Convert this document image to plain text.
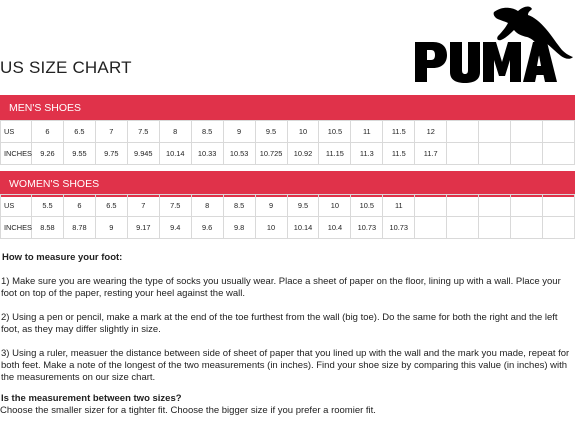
US SIZE CHART
MEN'S SHOES
US	6	6.5	7	7.5	8	8.5	9	9.5	10	10.5	11	11.5	12				
INCHES	9.26	9.55	9.75	9.945	10.14	10.33	10.53	10.725	10.92	11.15	11.3	11.5	11.7				
WOMEN'S SHOES
US	5.5	6	6.5	7	7.5	8	8.5	9	9.5	10	10.5	11					
INCHES	8.58	8.78	9	9.17	9.4	9.6	9.8	10	10.14	10.4	10.73	10.73					
How to measure your foot:

1) Make sure you are wearing the type of socks you usually wear. Place a sheet of paper on the floor, lining up with a wall. Place your foot on top of the paper, resting your heel against the wall.

2) Using a pen or pencil, make a mark at the end of the toe furthest from the wall (big toe). Do the same for both the right and the left foot, as they may differ slightly in size.

3) Using a ruler, measuer the distance between side of sheet of paper that you lined up with the wall and the mark you made, repeat for both feet. Make a note of the longest of the two measurements (in inches). Find your shoe size by comparing this value (in inches) with the measurements on our size chart.

Is the measurement between two sizes?

Choose the smaller sizer for a tighter fit. Choose the bigger size if you prefer a roomier fit.
